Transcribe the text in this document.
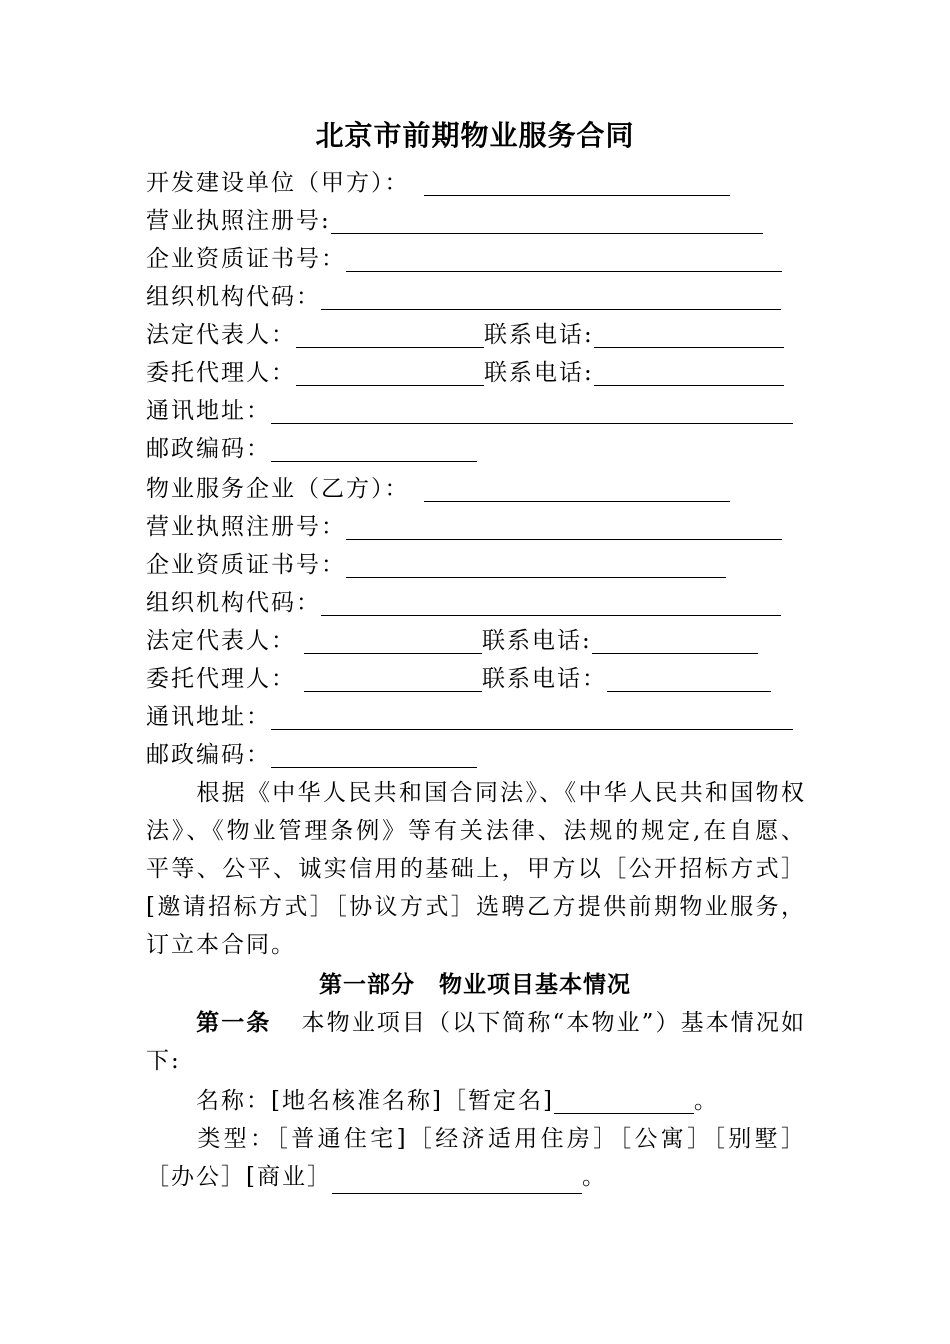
北京市前期物业服务合同
开发建设单位（甲方）：
营业执照注册号:
企业资质证书号：
组织机构代码：
法定代表人：	联系电话:
委托代理人：	联系电话:
通讯地址：
邮政编码：
物业服务企业（乙方）：
营业执照注册号：
企业资质证书号：
组织机构代码：
法定代表人：	联系电话:
委托代理人：	联系电话：
通讯地址：
邮政编码：

根据《中华人民共和国合同法》、《中华人民共和国物权法》、《物业管理条例》等有关法律、法规的规定,在自愿、平等、公平、诚实信用的基础上，甲方以［公开招标方式］[邀请招标方式］［协议方式］选聘乙方提供前期物业服务，订立本合同。

第一部分　物业项目基本情况

第一条 本物业项目（以下简称“本物业”）基本情况如下:

名称：[地名核准名称]［暂定名]	。

类型：［普通住宅]［经济适用住房］［公寓］［别墅］［办公］[商业］	。
